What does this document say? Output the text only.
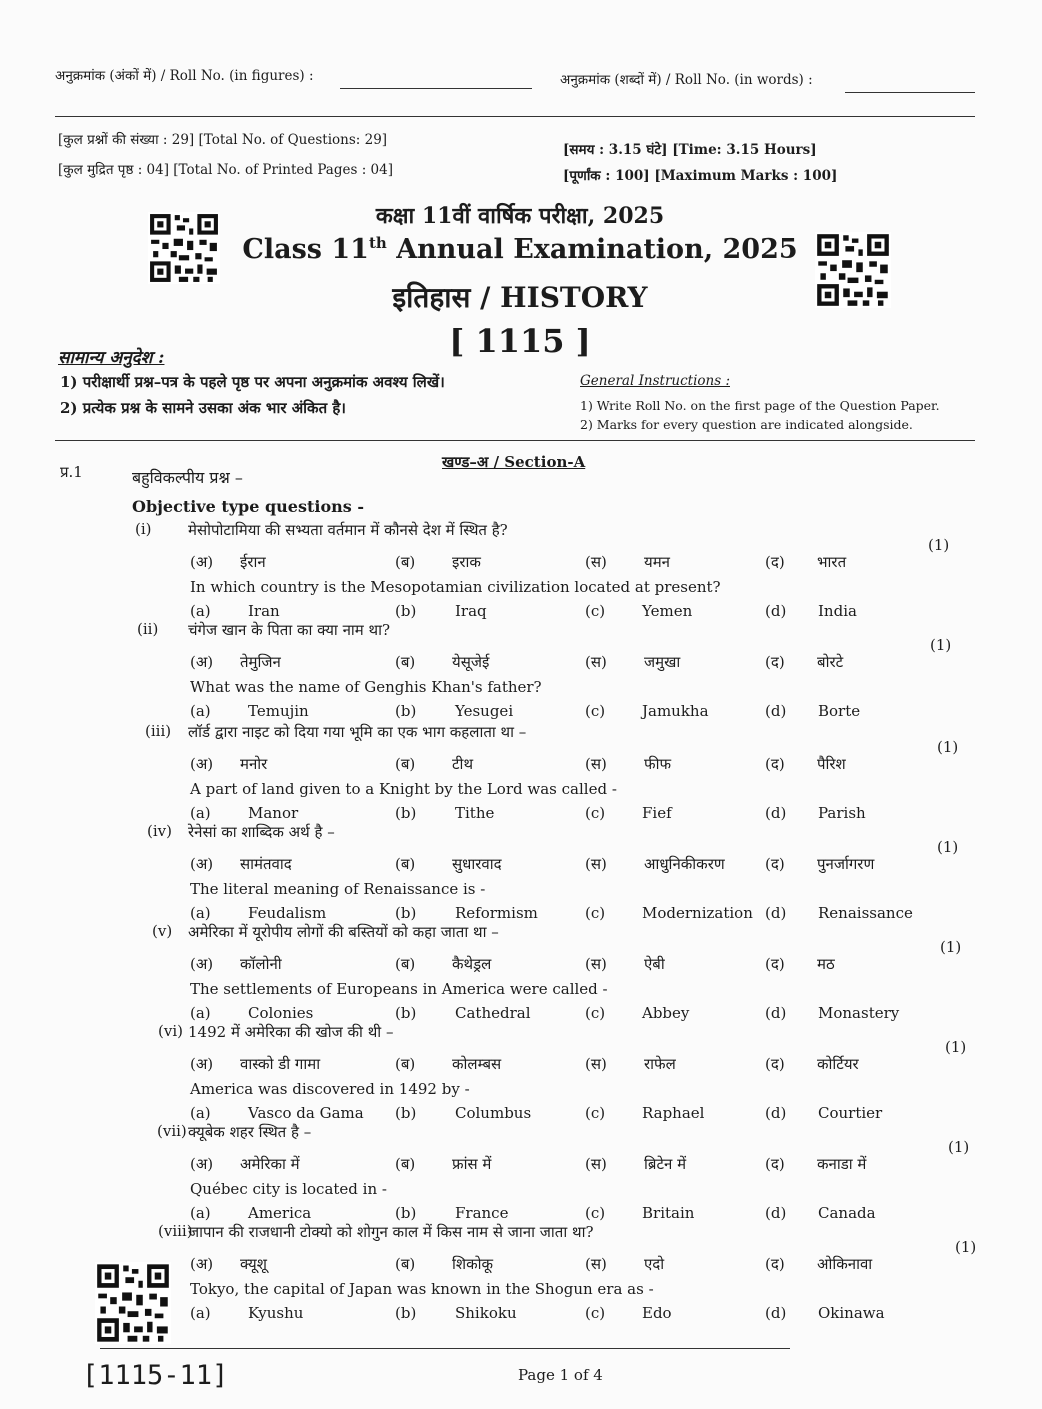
अनुक्रमांक (अंकों में) / Roll No. (in figures) :	अनुक्रमांक (शब्दों में) / Roll No. (in words) :
[कुल प्रश्नों की संख्या : 29] [Total No. of Questions: 29]
[कुल मुद्रित पृष्ठ : 04] [Total No. of Printed Pages : 04]
[समय : 3.15 घंटे] [Time: 3.15 Hours]
[पूर्णांक : 100] [Maximum Marks : 100]
कक्षा 11वीं वार्षिक परीक्षा, 2025
Class 11th Annual Examination, 2025
इतिहास / HISTORY
[ 1115 ]
सामान्य अनुदेश :
1) परीक्षार्थी प्रश्न–पत्र के पहले पृष्ठ पर अपना अनुक्रमांक अवश्य लिखें।
2) प्रत्येक प्रश्न के सामने उसका अंक भार अंकित है।
General Instructions :
1) Write Roll No. on the first page of the Question Paper.
2) Marks for every question are indicated alongside.
खण्ड–अ / Section-A
प्र.1	बहुविकल्पीय प्रश्न –
Objective type questions -
(i) मेसोपोटामिया की सभ्यता वर्तमान में कौनसे देश में स्थित है?
(1)
(अ) ईरान	(ब) इराक	(स) यमन	(द) भारत
In which country is the Mesopotamian civilization located at present?
(a) Iran	(b)	Iraq	(c) Yemen	(d) India
(ii) चंगेज खान के पिता का क्या नाम था?
(1)
(अ) तेमुजिन	(ब) येसूजेई	(स) जमुखा	(द) बोरटे
What was the name of Genghis Khan's father?
(a) Temujin	(b)	Yesugei	(c) Jamukha	(d) Borte
(iii) लॉर्ड द्वारा नाइट को दिया गया भूमि का एक भाग कहलाता था –
(1)
(अ) मनोर	(ब) टीथ	(स) फीफ	(द) पैरिश
A part of land given to a Knight by the Lord was called -
(a) Manor	(b)	Tithe	(c) Fief	(d) Parish
(iv) रेनेसां का शाब्दिक अर्थ है –
(1)
(अ) सामंतवाद	(ब) सुधारवाद	(स) आधुनिकीकरण	(द) पुनर्जागरण
The literal meaning of Renaissance is -
(a) Feudalism	(b)	Reformism	(c) Modernization (d) Renaissance
(v) अमेरिका में यूरोपीय लोगों की बस्तियों को कहा जाता था –
(1)
(अ) कॉलोनी	(ब) कैथेड्रल	(स) ऐबी	(द) मठ
The settlements of Europeans in America were called -
(a) Colonies	(b)	Cathedral	(c) Abbey	(d) Monastery
(vi) 1492 में अमेरिका की खोज की थी –
(1)
(अ) वास्को डी गामा	(ब) कोलम्बस	(स) राफेल	(द) कोर्टियर
America was discovered in 1492 by -
(a) Vasco da Gama (b)	Columbus	(c) Raphael	(d) Courtier
(vii) क्यूबेक शहर स्थित है –
(1)
(अ) अमेरिका में	(ब) फ्रांस में	(स) ब्रिटेन में	(द) कनाडा में
Québec city is located in -
(a) America	(b)	France	(c) Britain	(d) Canada
(viii)
जापान की राजधानी टोक्यो को शोगुन काल में किस नाम से जाना जाता था?
(1)
(अ) क्यूशू	(ब) शिकोकू	(स) एदो	(द) ओकिनावा
Tokyo, the capital of Japan was known in the Shogun era as -
(a) Kyushu	(b)	Shikoku	(c) Edo	(d) Okinawa
[1115-11]	Page 1 of 4
